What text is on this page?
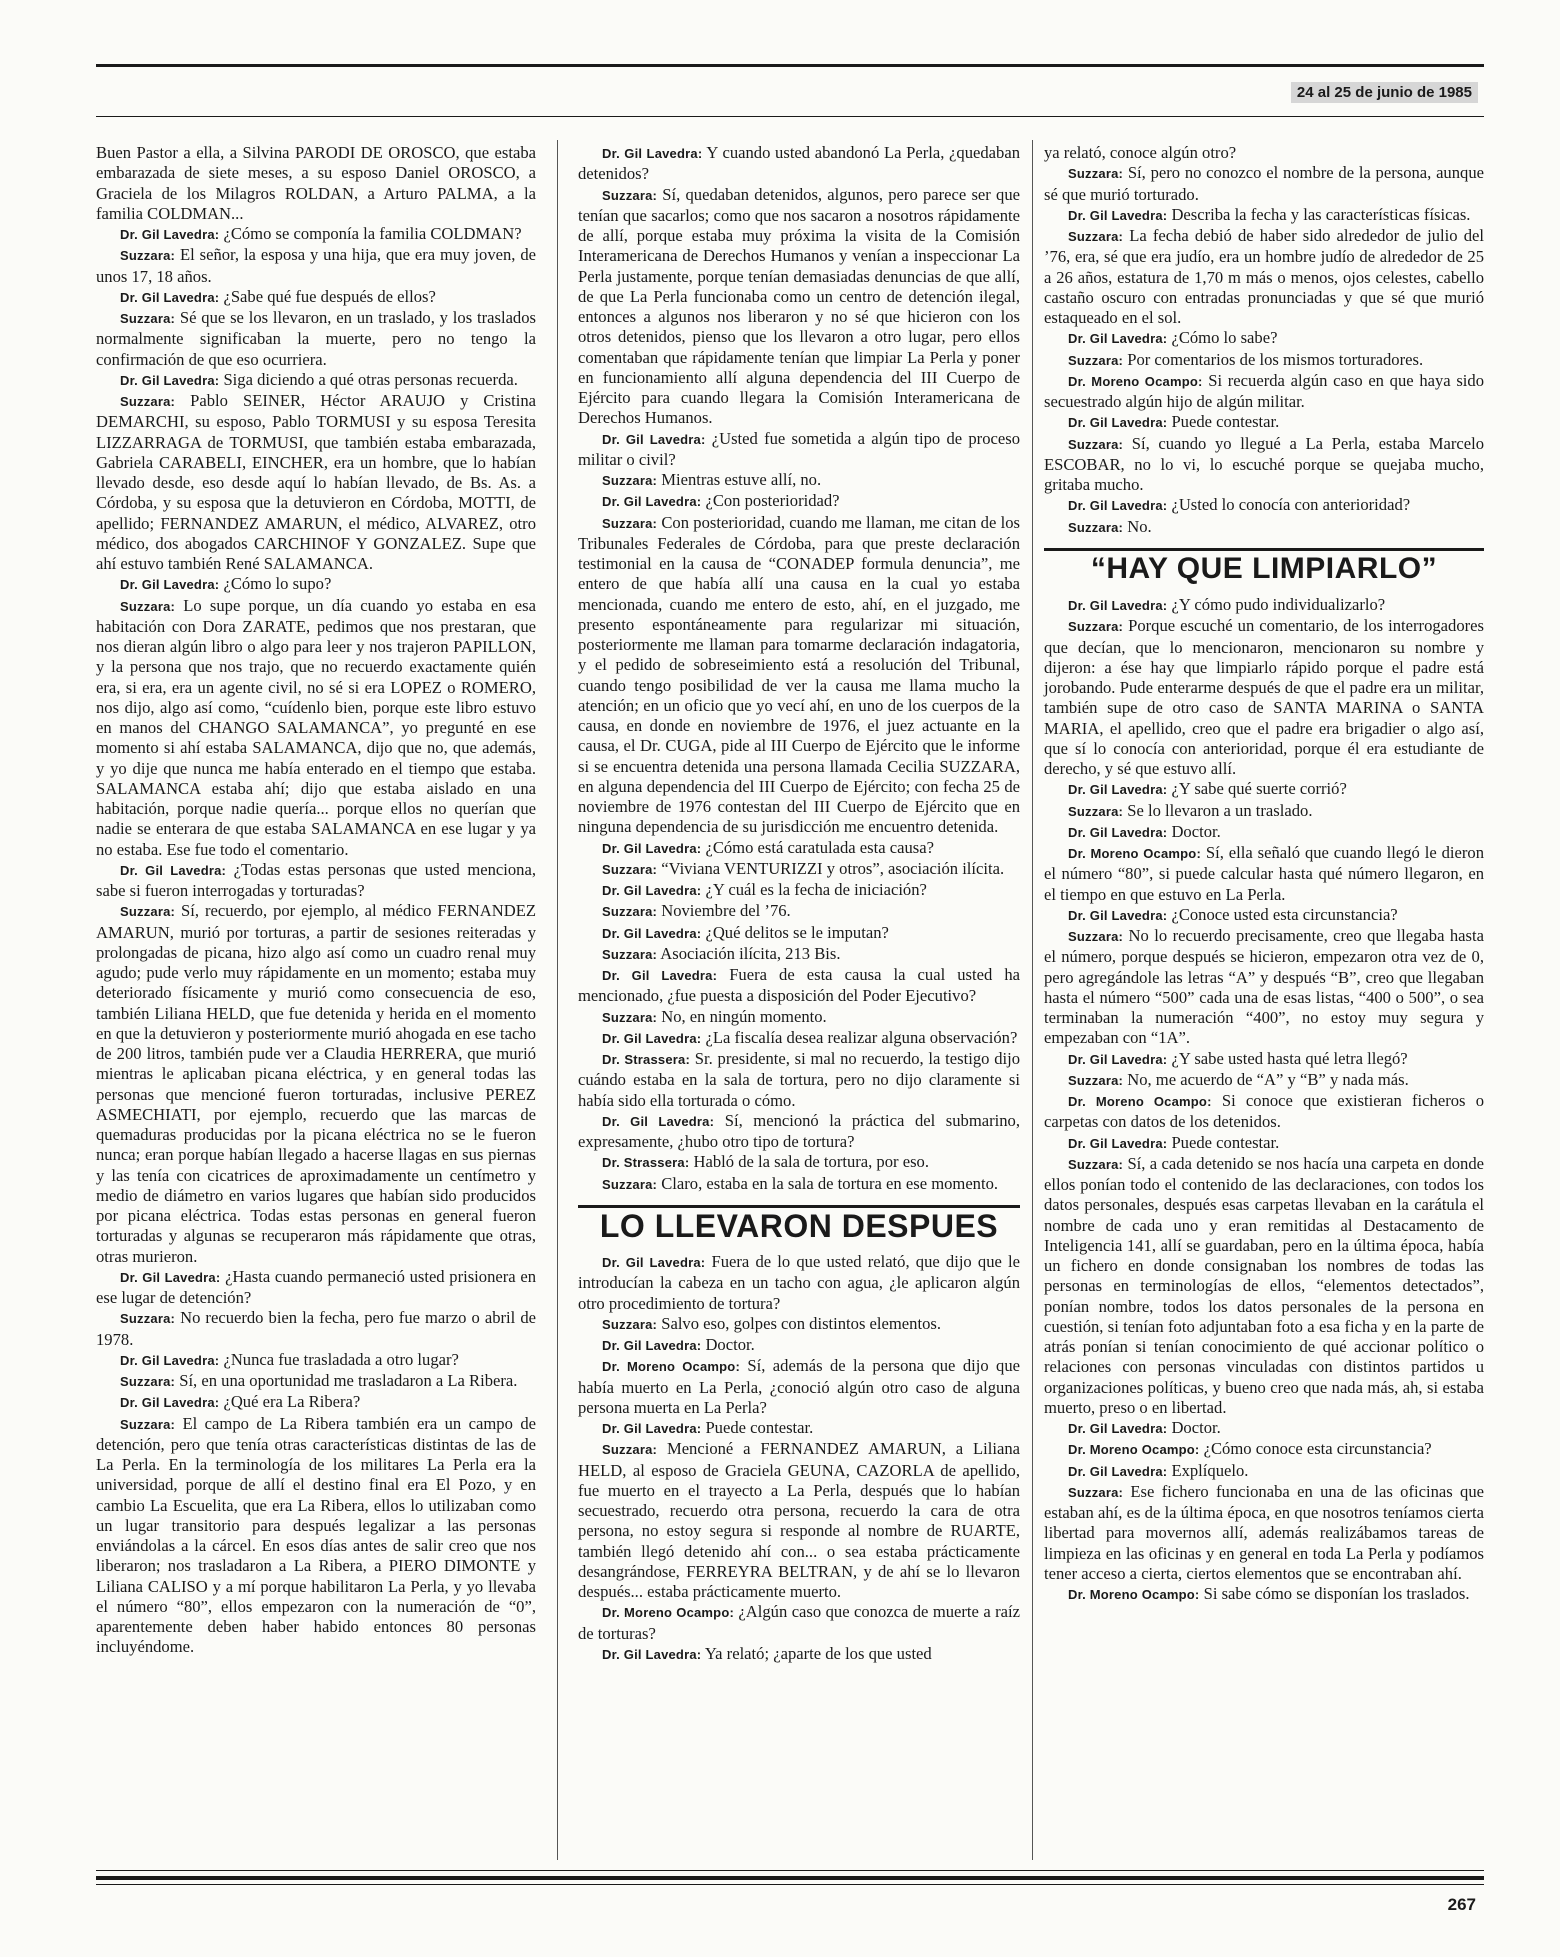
24 al 25 de junio de 1985

Buen Pastor a ella, a Silvina PARODI DE OROSCO, que estaba embarazada de siete meses, a su esposo Daniel OROSCO, a Graciela de los Milagros ROLDAN, a Arturo PALMA, a la familia COLDMAN...

Dr. Gil Lavedra: ¿Cómo se componía la familia COLDMAN?

Suzzara: El señor, la esposa y una hija, que era muy joven, de unos 17, 18 años.

Dr. Gil Lavedra: ¿Sabe qué fue después de ellos?

Suzzara: Sé que se los llevaron, en un traslado, y los traslados normalmente significaban la muerte, pero no tengo la confirmación de que eso ocurriera.

Dr. Gil Lavedra: Siga diciendo a qué otras personas recuerda.

Suzzara: Pablo SEINER, Héctor ARAUJO y Cristina DEMARCHI, su esposo, Pablo TORMUSI y su esposa Teresita LIZZARRAGA de TORMUSI, que también estaba embarazada, Gabriela CARABELI, EINCHER, era un hombre, que lo habían llevado desde, eso desde aquí lo habían llevado, de Bs. As. a Córdoba, y su esposa que la detuvieron en Córdoba, MOTTI, de apellido; FERNANDEZ AMARUN, el médico, ALVAREZ, otro médico, dos abogados CARCHINOF Y GONZALEZ. Supe que ahí estuvo también René SALAMANCA.

Dr. Gil Lavedra: ¿Cómo lo supo?

Suzzara: Lo supe porque, un día cuando yo estaba en esa habitación con Dora ZARATE, pedimos que nos prestaran, que nos dieran algún libro o algo para leer y nos trajeron PAPILLON, y la persona que nos trajo, que no recuerdo exactamente quién era, si era, era un agente civil, no sé si era LOPEZ o ROMERO, nos dijo, algo así como, “cuídenlo bien, porque este libro estuvo en manos del CHANGO SALAMANCA”, yo pregunté en ese momento si ahí estaba SALAMANCA, dijo que no, que además, y yo dije que nunca me había enterado en el tiempo que estaba. SALAMANCA estaba ahí; dijo que estaba aislado en una habitación, porque nadie quería... porque ellos no querían que nadie se enterara de que estaba SALAMANCA en ese lugar y ya no estaba. Ese fue todo el comentario.

Dr. Gil Lavedra: ¿Todas estas personas que usted menciona, sabe si fueron interrogadas y torturadas?

Suzzara: Sí, recuerdo, por ejemplo, al médico FERNANDEZ AMARUN, murió por torturas, a partir de sesiones reiteradas y prolongadas de picana, hizo algo así como un cuadro renal muy agudo; pude verlo muy rápidamente en un momento; estaba muy deteriorado físicamente y murió como consecuencia de eso, también Liliana HELD, que fue detenida y herida en el momento en que la detuvieron y posteriormente murió ahogada en ese tacho de 200 litros, también pude ver a Claudia HERRERA, que murió mientras le aplicaban picana eléctrica, y en general todas las personas que mencioné fueron torturadas, inclusive PEREZ ASMECHIATI, por ejemplo, recuerdo que las marcas de quemaduras producidas por la picana eléctrica no se le fueron nunca; eran porque habían llegado a hacerse llagas en sus piernas y las tenía con cicatrices de aproximadamente un centímetro y medio de diámetro en varios lugares que habían sido producidos por picana eléctrica. Todas estas personas en general fueron torturadas y algunas se recuperaron más rápidamente que otras, otras murieron.

Dr. Gil Lavedra: ¿Hasta cuando permaneció usted prisionera en ese lugar de detención?

Suzzara: No recuerdo bien la fecha, pero fue marzo o abril de 1978.

Dr. Gil Lavedra: ¿Nunca fue trasladada a otro lugar?

Suzzara: Sí, en una oportunidad me trasladaron a La Ribera.

Dr. Gil Lavedra: ¿Qué era La Ribera?

Suzzara: El campo de La Ribera también era un campo de detención, pero que tenía otras características distintas de las de La Perla. En la terminología de los militares La Perla era la universidad, porque de allí el destino final era El Pozo, y en cambio La Escuelita, que era La Ribera, ellos lo utilizaban como un lugar transitorio para después legalizar a las personas enviándolas a la cárcel. En esos días antes de salir creo que nos liberaron; nos trasladaron a La Ribera, a PIERO DIMONTE y Liliana CALISO y a mí porque habilitaron La Perla, y yo llevaba el número “80”, ellos empezaron con la numeración de “0”, aparentemente deben haber habido entonces 80 personas incluyéndome.

Dr. Gil Lavedra: Y cuando usted abandonó La Perla, ¿quedaban detenidos?

Suzzara: Sí, quedaban detenidos, algunos, pero parece ser que tenían que sacarlos; como que nos sacaron a nosotros rápidamente de allí, porque estaba muy próxima la visita de la Comisión Interamericana de Derechos Humanos y venían a inspeccionar La Perla justamente, porque tenían demasiadas denuncias de que allí, de que La Perla funcionaba como un centro de detención ilegal, entonces a algunos nos liberaron y no sé que hicieron con los otros detenidos, pienso que los llevaron a otro lugar, pero ellos comentaban que rápidamente tenían que limpiar La Perla y poner en funcionamiento allí alguna dependencia del III Cuerpo de Ejército para cuando llegara la Comisión Interamericana de Derechos Humanos.

Dr. Gil Lavedra: ¿Usted fue sometida a algún tipo de proceso militar o civil?

Suzzara: Mientras estuve allí, no.

Dr. Gil Lavedra: ¿Con posterioridad?

Suzzara: Con posterioridad, cuando me llaman, me citan de los Tribunales Federales de Córdoba, para que preste declaración testimonial en la causa de “CONADEP formula denuncia”, me entero de que había allí una causa en la cual yo estaba mencionada, cuando me entero de esto, ahí, en el juzgado, me presento espontáneamente para regularizar mi situación, posteriormente me llaman para tomarme declaración indagatoria, y el pedido de sobreseimiento está a resolución del Tribunal, cuando tengo posibilidad de ver la causa me llama mucho la atención; en un oficio que yo vecí ahí, en uno de los cuerpos de la causa, en donde en noviembre de 1976, el juez actuante en la causa, el Dr. CUGA, pide al III Cuerpo de Ejército que le informe si se encuentra detenida una persona llamada Cecilia SUZZARA, en alguna dependencia del III Cuerpo de Ejército; con fecha 25 de noviembre de 1976 contestan del III Cuerpo de Ejército que en ninguna dependencia de su jurisdicción me encuentro detenida.

Dr. Gil Lavedra: ¿Cómo está caratulada esta causa?

Suzzara: “Viviana VENTURIZZI y otros”, asociación ilícita.

Dr. Gil Lavedra: ¿Y cuál es la fecha de iniciación?

Suzzara: Noviembre del ’76.

Dr. Gil Lavedra: ¿Qué delitos se le imputan?

Suzzara: Asociación ilícita, 213 Bis.

Dr. Gil Lavedra: Fuera de esta causa la cual usted ha mencionado, ¿fue puesta a disposición del Poder Ejecutivo?

Suzzara: No, en ningún momento.

Dr. Gil Lavedra: ¿La fiscalía desea realizar alguna observación?

Dr. Strassera: Sr. presidente, si mal no recuerdo, la testigo dijo cuándo estaba en la sala de tortura, pero no dijo claramente si había sido ella torturada o cómo.

Dr. Gil Lavedra: Sí, mencionó la práctica del submarino, expresamente, ¿hubo otro tipo de tortura?

Dr. Strassera: Habló de la sala de tortura, por eso.

Suzzara: Claro, estaba en la sala de tortura en ese momento.

LO LLEVARON DESPUES

Dr. Gil Lavedra: Fuera de lo que usted relató, que dijo que le introducían la cabeza en un tacho con agua, ¿le aplicaron algún otro procedimiento de tortura?

Suzzara: Salvo eso, golpes con distintos elementos.

Dr. Gil Lavedra: Doctor.

Dr. Moreno Ocampo: Sí, además de la persona que dijo que había muerto en La Perla, ¿conoció algún otro caso de alguna persona muerta en La Perla?

Dr. Gil Lavedra: Puede contestar.

Suzzara: Mencioné a FERNANDEZ AMARUN, a Liliana HELD, al esposo de Graciela GEUNA, CAZORLA de apellido, fue muerto en el trayecto a La Perla, después que lo habían secuestrado, recuerdo otra persona, recuerdo la cara de otra persona, no estoy segura si responde al nombre de RUARTE, también llegó detenido ahí con... o sea estaba prácticamente desangrándose, FERREYRA BELTRAN, y de ahí se lo llevaron después... estaba prácticamente muerto.

Dr. Moreno Ocampo: ¿Algún caso que conozca de muerte a raíz de torturas?

Dr. Gil Lavedra: Ya relató; ¿aparte de los que usted

ya relató, conoce algún otro?

Suzzara: Sí, pero no conozco el nombre de la persona, aunque sé que murió torturado.

Dr. Gil Lavedra: Describa la fecha y las características físicas.

Suzzara: La fecha debió de haber sido alrededor de julio del ’76, era, sé que era judío, era un hombre judío de alrededor de 25 a 26 años, estatura de 1,70 m más o menos, ojos celestes, cabello castaño oscuro con entradas pronunciadas y que sé que murió estaqueado en el sol.

Dr. Gil Lavedra: ¿Cómo lo sabe?

Suzzara: Por comentarios de los mismos torturadores.

Dr. Moreno Ocampo: Si recuerda algún caso en que haya sido secuestrado algún hijo de algún militar.

Dr. Gil Lavedra: Puede contestar.

Suzzara: Sí, cuando yo llegué a La Perla, estaba Marcelo ESCOBAR, no lo vi, lo escuché porque se quejaba mucho, gritaba mucho.

Dr. Gil Lavedra: ¿Usted lo conocía con anterioridad?

Suzzara: No.

“HAY QUE LIMPIARLO”

Dr. Gil Lavedra: ¿Y cómo pudo individualizarlo?

Suzzara: Porque escuché un comentario, de los interrogadores que decían, que lo mencionaron, mencionaron su nombre y dijeron: a ése hay que limpiarlo rápido porque el padre está jorobando. Pude enterarme después de que el padre era un militar, también supe de otro caso de SANTA MARINA o SANTA MARIA, el apellido, creo que el padre era brigadier o algo así, que sí lo conocía con anterioridad, porque él era estudiante de derecho, y sé que estuvo allí.

Dr. Gil Lavedra: ¿Y sabe qué suerte corrió?

Suzzara: Se lo llevaron a un traslado.

Dr. Gil Lavedra: Doctor.

Dr. Moreno Ocampo: Sí, ella señaló que cuando llegó le dieron el número “80”, si puede calcular hasta qué número llegaron, en el tiempo en que estuvo en La Perla.

Dr. Gil Lavedra: ¿Conoce usted esta circunstancia?

Suzzara: No lo recuerdo precisamente, creo que llegaba hasta el número, porque después se hicieron, empezaron otra vez de 0, pero agregándole las letras “A” y después “B”, creo que llegaban hasta el número “500” cada una de esas listas, “400 o 500”, o sea terminaban la numeración “400”, no estoy muy segura y empezaban con “1A”.

Dr. Gil Lavedra: ¿Y sabe usted hasta qué letra llegó?

Suzzara: No, me acuerdo de “A” y “B” y nada más.

Dr. Moreno Ocampo: Si conoce que existieran ficheros o carpetas con datos de los detenidos.

Dr. Gil Lavedra: Puede contestar.

Suzzara: Sí, a cada detenido se nos hacía una carpeta en donde ellos ponían todo el contenido de las declaraciones, con todos los datos personales, después esas carpetas llevaban en la carátula el nombre de cada uno y eran remitidas al Destacamento de Inteligencia 141, allí se guardaban, pero en la última época, había un fichero en donde consignaban los nombres de todas las personas en terminologías de ellos, “elementos detectados”, ponían nombre, todos los datos personales de la persona en cuestión, si tenían foto adjuntaban foto a esa ficha y en la parte de atrás ponían si tenían conocimiento de qué accionar político o relaciones con personas vinculadas con distintos partidos u organizaciones políticas, y bueno creo que nada más, ah, si estaba muerto, preso o en libertad.

Dr. Gil Lavedra: Doctor.

Dr. Moreno Ocampo: ¿Cómo conoce esta circunstancia?

Dr. Gil Lavedra: Explíquelo.

Suzzara: Ese fichero funcionaba en una de las oficinas que estaban ahí, es de la última época, en que nosotros teníamos cierta libertad para movernos allí, además realizábamos tareas de limpieza en las oficinas y en general en toda La Perla y podíamos tener acceso a cierta, ciertos elementos que se encontraban ahí.

Dr. Moreno Ocampo: Si sabe cómo se disponían los traslados.

267
